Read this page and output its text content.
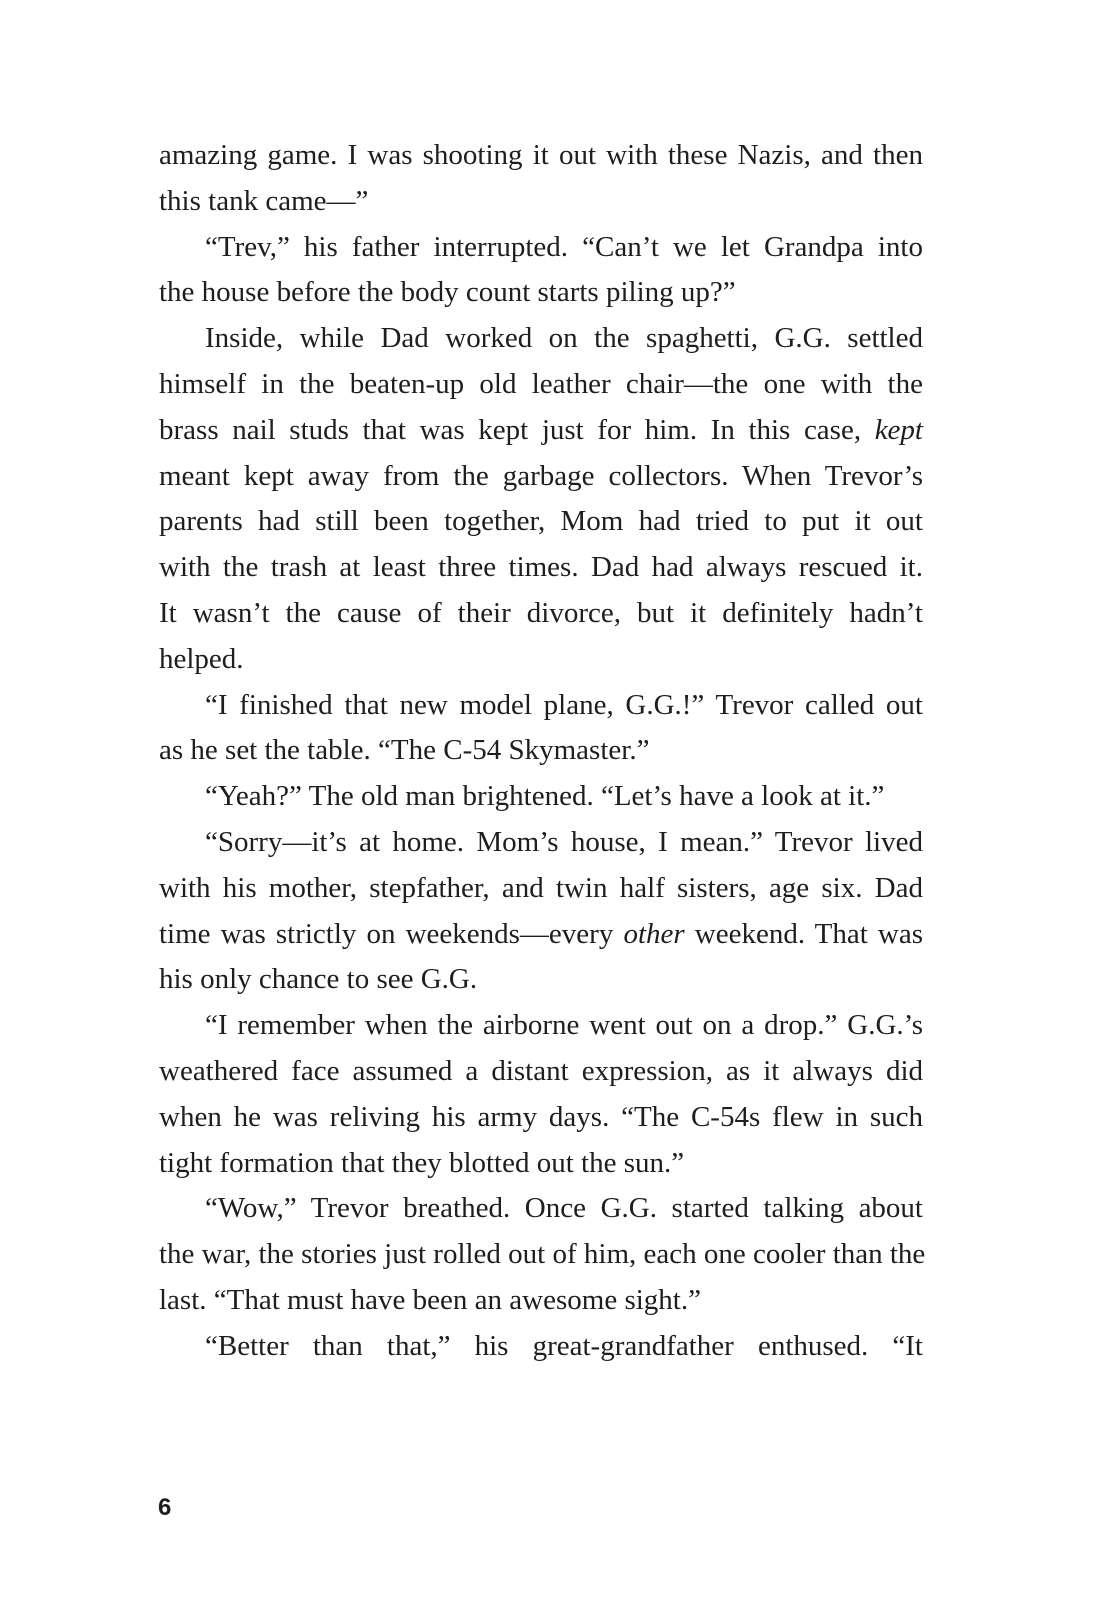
amazing game. I was shooting it out with these Nazis, and then
this tank came—”
“Trev,” his father interrupted. “Can’t we let Grandpa into
the house before the body count starts piling up?”
Inside, while Dad worked on the spaghetti, G.G. settled
himself in the beaten-up old leather chair—the one with the
brass nail studs that was kept just for him. In this case, kept
meant kept away from the garbage collectors. When Trevor’s
parents had still been together, Mom had tried to put it out
with the trash at least three times. Dad had always rescued it.
It wasn’t the cause of their divorce, but it definitely hadn’t
helped.
“I finished that new model plane, G.G.!” Trevor called out
as he set the table. “The C-54 Skymaster.”
“Yeah?” The old man brightened. “Let’s have a look at it.”
“Sorry—it’s at home. Mom’s house, I mean.” Trevor lived
with his mother, stepfather, and twin half sisters, age six. Dad
time was strictly on weekends—every other weekend. That was
his only chance to see G.G.
“I remember when the airborne went out on a drop.” G.G.’s
weathered face assumed a distant expression, as it always did
when he was reliving his army days. “The C-54s flew in such
tight formation that they blotted out the sun.”
“Wow,” Trevor breathed. Once G.G. started talking about
the war, the stories just rolled out of him, each one cooler than the
last. “That must have been an awesome sight.”
“Better than that,” his great-grandfather enthused. “It
6
